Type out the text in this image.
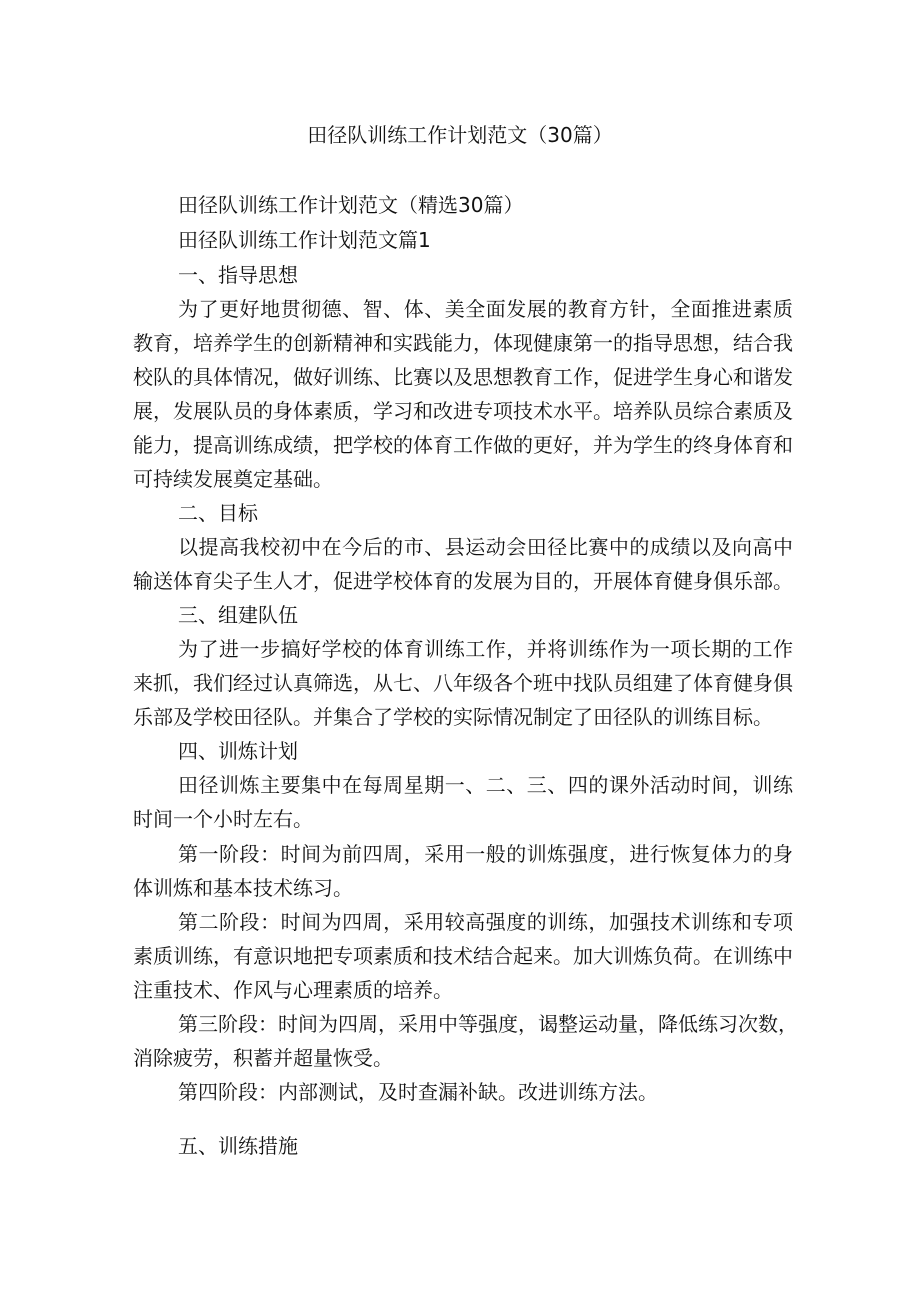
田径队训练工作计划范文（30篇）
田径队训练工作计划范文（精选30篇）
田径队训练工作计划范文篇1
一、指导思想
为了更好地贯彻德、智、体、美全面发展的教育方针，全面推进素质
教育，培养学生的创新精神和实践能力，体现健康第一的指导思想，结合我
校队的具体情况，做好训练、比赛以及思想教育工作，促进学生身心和谐发
展，发展队员的身体素质，学习和改进专项技术水平。培养队员综合素质及
能力，提高训练成绩，把学校的体育工作做的更好，并为学生的终身体育和
可持续发展奠定基础。
二、目标
以提高我校初中在今后的市、县运动会田径比赛中的成绩以及向高中
输送体育尖子生人才，促进学校体育的发展为目的，开展体育健身俱乐部。
三、组建队伍
为了进一步搞好学校的体育训练工作，并将训练作为一项长期的工作
来抓，我们经过认真筛选，从七、八年级各个班中找队员组建了体育健身俱
乐部及学校田径队。并集合了学校的实际情况制定了田径队的训练目标。
四、训炼计划
田径训炼主要集中在每周星期一、二、三、四的课外活动时间，训练
时间一个小时左右。
第一阶段：时间为前四周，采用一般的训炼强度，进行恢复体力的身
体训炼和基本技术练习。
第二阶段：时间为四周，采用较高强度的训练，加强技术训练和专项
素质训练，有意识地把专项素质和技术结合起来。加大训炼负荷。在训练中
注重技术、作风与心理素质的培养。
第三阶段：时间为四周，采用中等强度，谒整运动量，降低练习次数，
消除疲劳，积蓄并超量恢受。
第四阶段：内部测试，及时查漏补缺。改进训练方法。
五、训练措施
